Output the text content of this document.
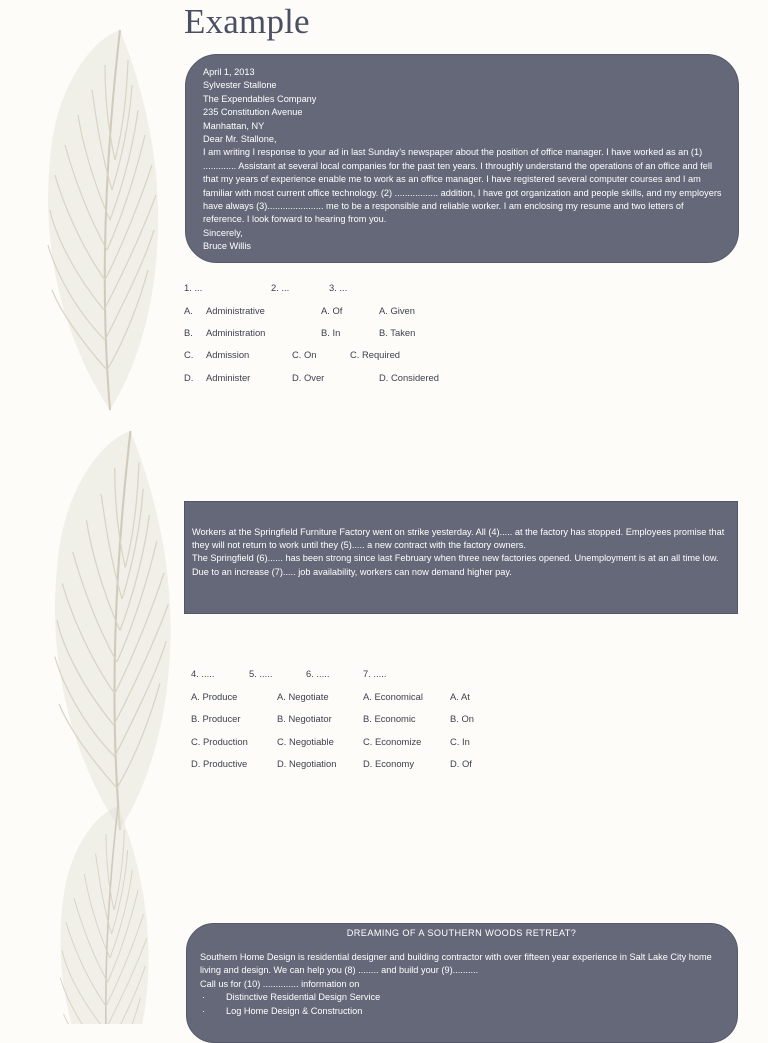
Example
April 1, 2013
Sylvester Stallone
The Expendables Company
235 Constitution Avenue
Manhattan, NY
Dear Mr. Stallone,
I am writing I response to your ad in last Sunday’s newspaper about the position of office manager. I have worked as an (1) ............. Assistant at several local companies for the past ten years. I throughly understand the operations of an office and fell that my years of experience enable me to work as an office manager. I have registered several computer courses and I am familiar with most current office technology. (2) ................. addition, I have got organization and people skills, and my employers have always (3)...................... me to be a responsible and reliable worker. I am enclosing my resume and two letters of reference. I look forward to hearing from you.
Sincerely,
Bruce Willis
1. ...	2. ...	3. ...
A. Administrative	A. Of	A. Given
B. Administration	B. In	B. Taken
C. Admission	C. On	C. Required
D. Administer	D. Over	D. Considered
Workers at the Springfield Furniture Factory went on strike yesterday. All (4)..... at the factory has stopped. Employees promise that they will not return to work until they (5)..... a new contract with the factory owners.
The Springfield (6)...... has been strong since last February when three new factories opened. Unemployment is at an all time low. Due to an increase (7)..... job availability, workers can now demand higher pay.
4. .....	5. .....	6. .....	7. .....
A. Produce	A. Negotiate	A. Economical	A. At
B. Producer	B. Negotiator	B. Economic	B. On
C. Production	C. Negotiable	C. Economize	C. In
D. Productive	D. Negotiation	D. Economy	D. Of
DREAMING OF A SOUTHERN WOODS RETREAT?
Southern Home Design is residential designer and building contractor with over fifteen year experience in Salt Lake City home living and design. We can help you (8) ........ and build your (9)..........
Call us for (10) .............. information on
· Distinctive Residential Design Service
· Log Home Design & Construction
